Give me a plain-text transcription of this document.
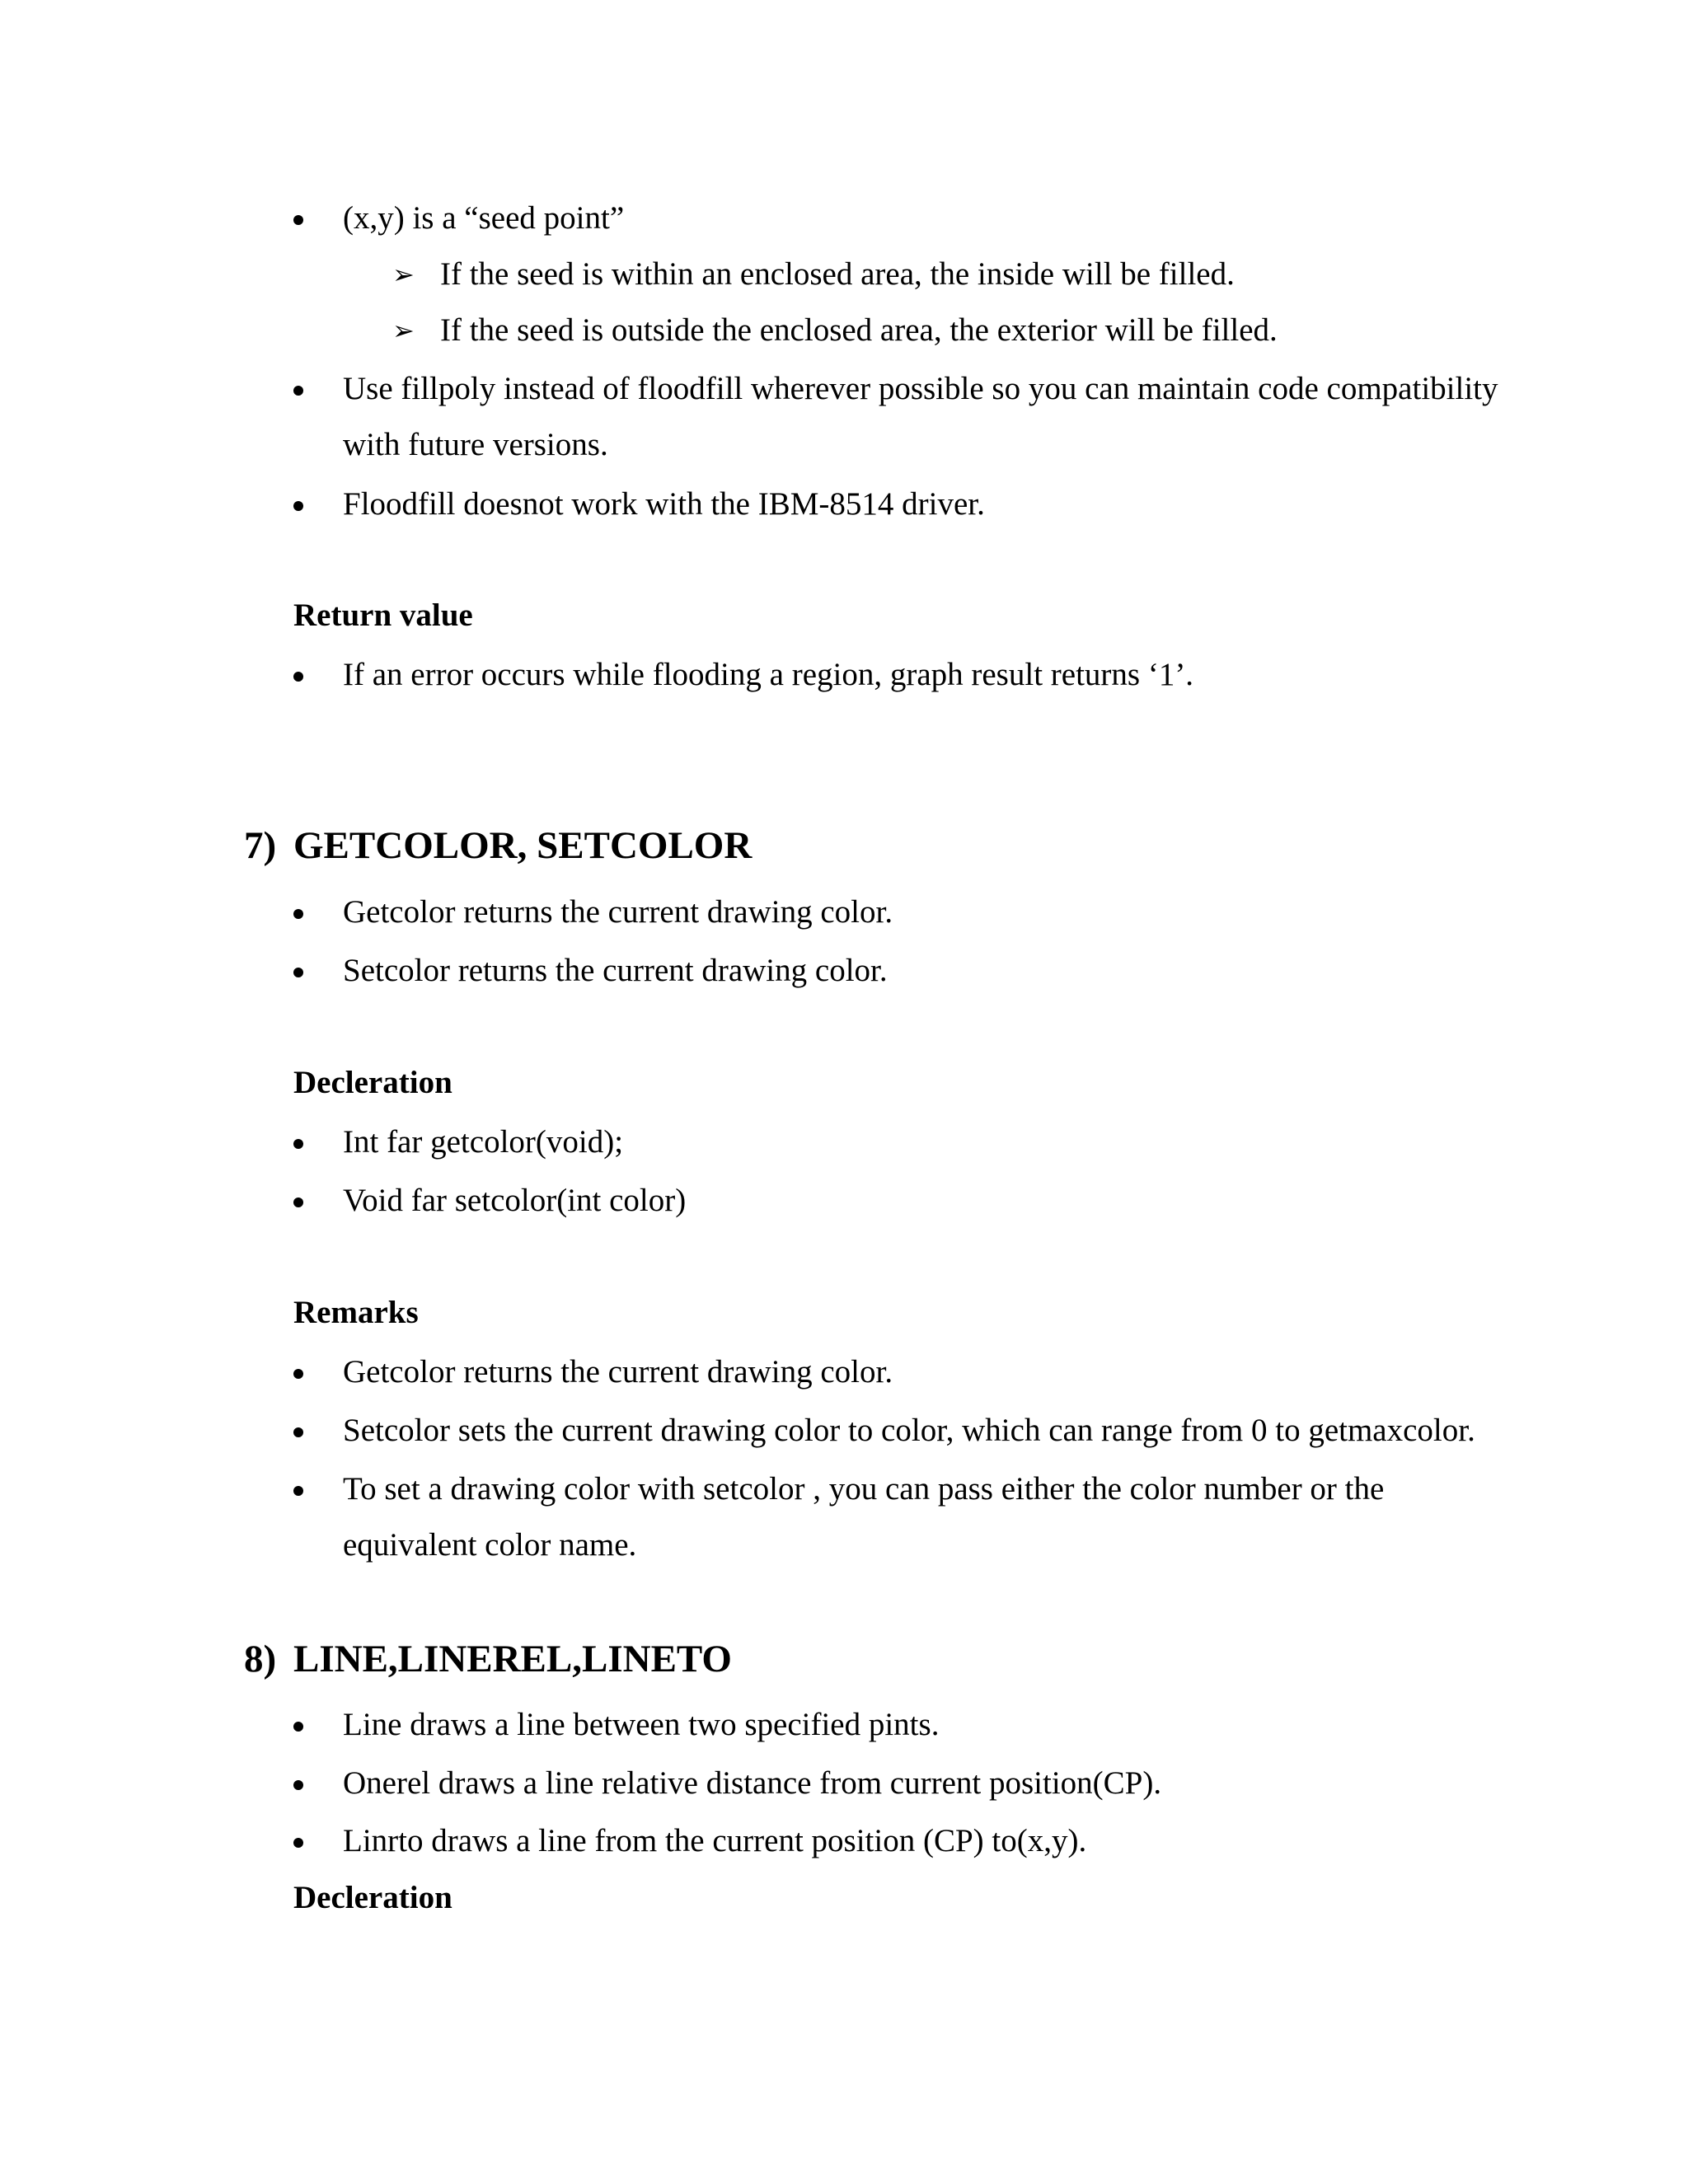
(x,y) is a “seed point”
➢ If the seed is within an enclosed area, the inside will be filled.
➢ If the seed is outside the enclosed area, the exterior will be filled.
Use fillpoly instead of floodfill wherever possible so you can maintain code compatibility
with future versions.
Floodfill doesnot work with the IBM-8514 driver.
Return value
If an error occurs while flooding a region, graph result returns ‘1’.
7) GETCOLOR, SETCOLOR
Getcolor returns the current drawing color.
Setcolor returns the current drawing color.
Decleration
Int far getcolor(void);
Void far setcolor(int color)
Remarks
Getcolor returns the current drawing color.
Setcolor sets the current drawing color to color, which can range from 0 to getmaxcolor.
To set a drawing color with setcolor , you can pass either the color number or the
equivalent color name.
8) LINE,LINEREL,LINETO
Line draws a line between two specified pints.
Onerel draws a line relative distance from current position(CP).
Linrto draws a line from the current position (CP) to(x,y).
Decleration
